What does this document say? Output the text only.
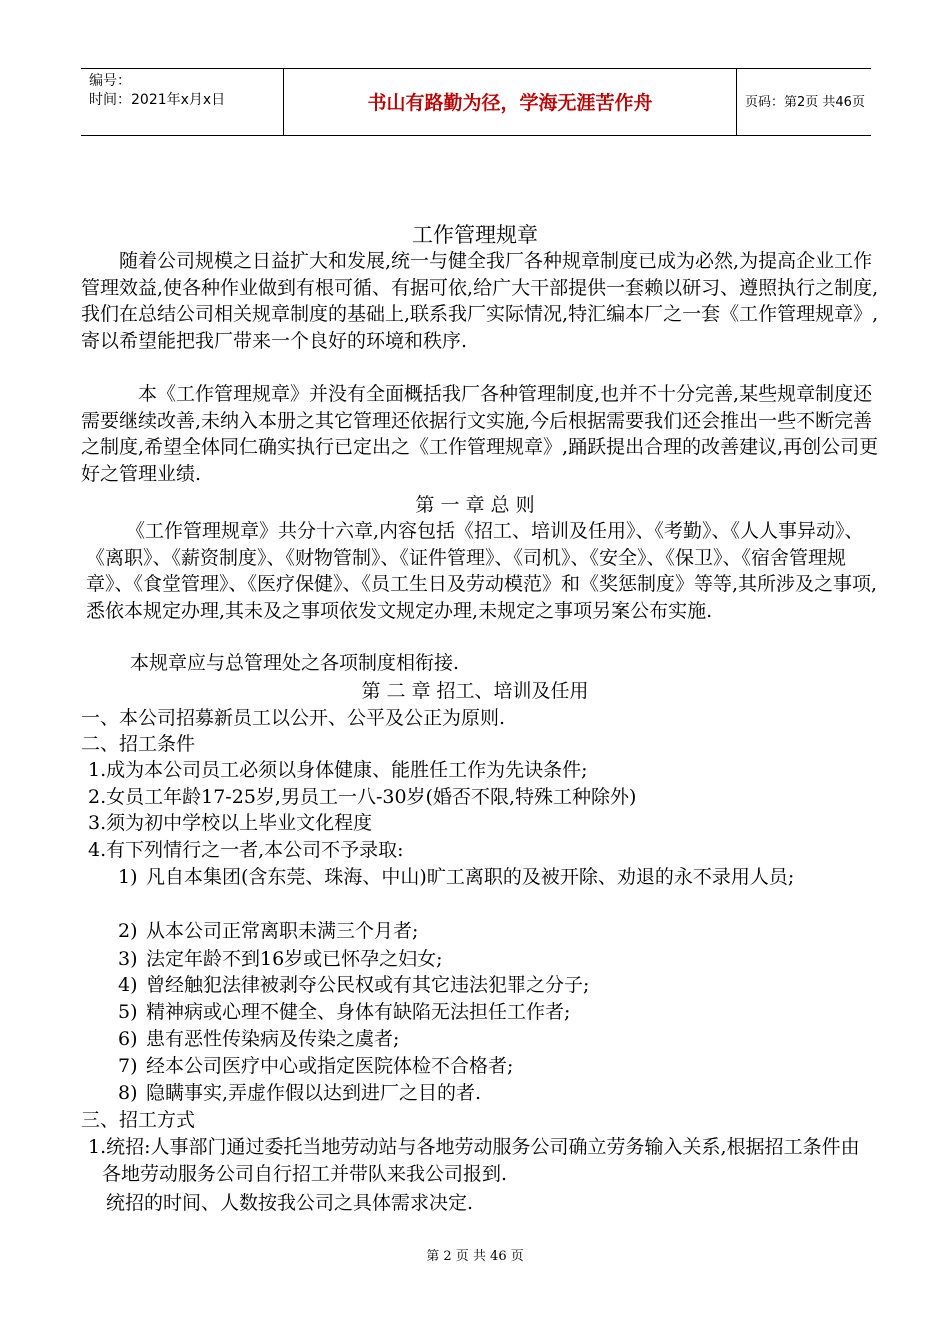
编号：
时间：2021年x月x日	书山有路勤为径，学海无涯苦作舟	页码：第2页 共46页
工作管理规章
随着公司规模之日益扩大和发展,统一与健全我厂各种规章制度已成为必然,为提高企业工作管理效益,使各种作业做到有根可循、有据可依,给广大干部提供一套赖以研习、遵照执行之制度,我们在总结公司相关规章制度的基础上,联系我厂实际情况,特汇编本厂之一套《工作管理规章》,寄以希望能把我厂带来一个良好的环境和秩序.
本《工作管理规章》并没有全面概括我厂各种管理制度,也并不十分完善,某些规章制度还需要继续改善,未纳入本册之其它管理还依据行文实施,今后根据需要我们还会推出一些不断完善之制度,希望全体同仁确实执行已定出之《工作管理规章》,踊跃提出合理的改善建议,再创公司更好之管理业绩.
第 一 章 总 则
《工作管理规章》共分十六章,内容包括《招工、培训及任用》、《考勤》、《人人事异动》、《离职》、《薪资制度》、《财物管制》、《证件管理》、《司机》、《安全》、《保卫》、《宿舍管理规章》、《食堂管理》、《医疗保健》、《员工生日及劳动模范》和《奖惩制度》等等,其所涉及之事项,悉依本规定办理,其未及之事项依发文规定办理,未规定之事项另案公布实施.
本规章应与总管理处之各项制度相衔接.
第 二 章 招工、培训及任用
一、本公司招募新员工以公开、公平及公正为原则.
二、招工条件
1.成为本公司员工必须以身体健康、能胜任工作为先诀条件;
2.女员工年龄17-25岁,男员工一八-30岁(婚否不限,特殊工种除外)
3.须为初中学校以上毕业文化程度
4.有下列情行之一者,本公司不予录取:
1) 凡自本集团(含东莞、珠海、中山)旷工离职的及被开除、劝退的永不录用人员;
2) 从本公司正常离职未满三个月者;
3) 法定年龄不到16岁或已怀孕之妇女;
4) 曾经触犯法律被剥夺公民权或有其它违法犯罪之分子;
5) 精神病或心理不健全、身体有缺陷无法担任工作者;
6) 患有恶性传染病及传染之虞者;
7) 经本公司医疗中心或指定医院体检不合格者;
8) 隐瞒事实,弄虚作假以达到进厂之目的者.
三、招工方式
1.统招:人事部门通过委托当地劳动站与各地劳动服务公司确立劳务输入关系,根据招工条件由各地劳动服务公司自行招工并带队来我公司报到.
统招的时间、人数按我公司之具体需求决定.
第 2 页 共 46 页
